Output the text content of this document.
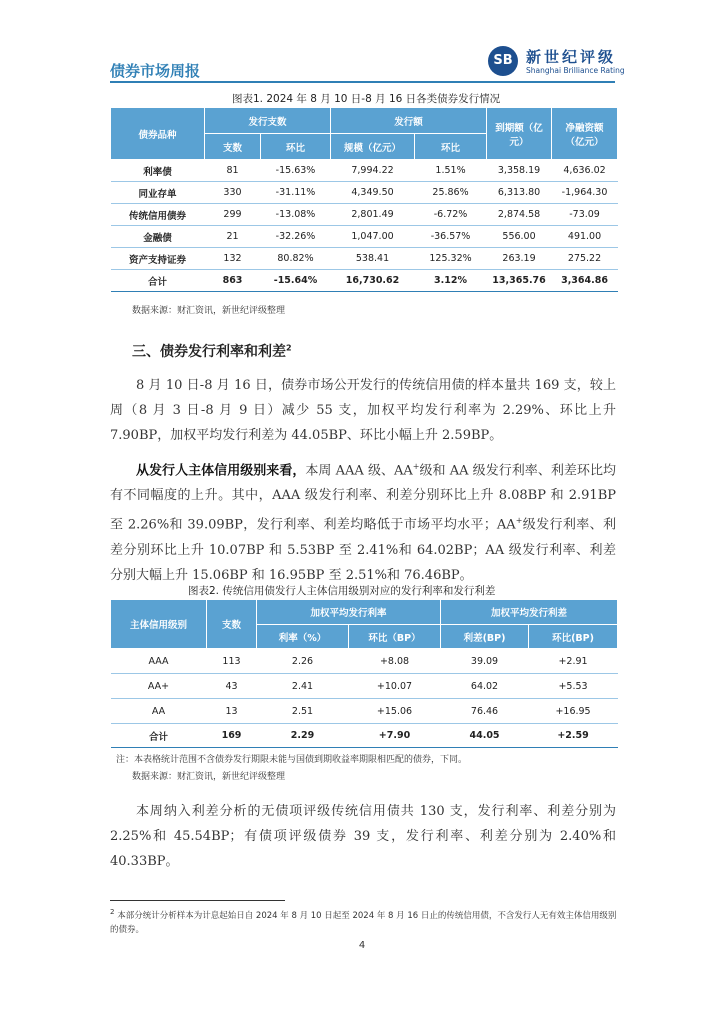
债券市场周报
SB 新世纪评级
Shanghai Brilliance Rating
图表1. 2024 年 8 月 10 日-8 月 16 日各类债券发行情况
债券品种	发行支数		发行额		到期额（亿元）	净融资额（亿元）
	支数	环比	规模（亿元）	环比		
利率债	81	-15.63%	7,994.22	1.51%	3,358.19	4,636.02
同业存单	330	-31.11%	4,349.50	25.86%	6,313.80	-1,964.30
传统信用债券	299	-13.08%	2,801.49	-6.72%	2,874.58	-73.09
金融债	21	-32.26%	1,047.00	-36.57%	556.00	491.00
资产支持证券	132	80.82%	538.41	125.32%	263.19	275.22
合计	863	-15.64%	16,730.62	3.12%	13,365.76	3,364.86
数据来源：财汇资讯，新世纪评级整理
三、债券发行利率和利差$^2$
8 月 10 日-8 月 16 日，债券市场公开发行的传统信用债的样本量共 169 支，较上周（8 月 3 日-8 月 9 日）减少 55 支，加权平均发行利率为 2.29%、环比上升 7.90BP，加权平均发行利差为 44.05BP、环比小幅上升 2.59BP。
从发行人主体信用级别来看，本周 AAA 级、AA+级和 AA 级发行利率、利差环比均有不同幅度的上升。其中，AAA 级发行利率、利差分别环比上升 8.08BP 和 2.91BP 至 2.26%和 39.09BP，发行利率、利差均略低于市场平均水平；AA+级发行利率、利差分别环比上升 10.07BP 和 5.53BP 至 2.41%和 64.02BP；AA 级发行利率、利差分别大幅上升 15.06BP 和 16.95BP 至 2.51%和 76.46BP。
图表2. 传统信用债发行人主体信用级别对应的发行利率和发行利差
主体信用级别	支数	加权平均发行利率		加权平均发行利差	
		利率（%）	环比（BP）	利差(BP)	环比(BP)
AAA	113	2.26	+8.08	39.09	+2.91
AA+	43	2.41	+10.07	64.02	+5.53
AA	13	2.51	+15.06	76.46	+16.95
合计	169	2.29	+7.90	44.05	+2.59
注：本表格统计范围不含债券发行期限未能与国债到期收益率期限相匹配的债券，下同。
数据来源：财汇资讯，新世纪评级整理
本周纳入利差分析的无债项评级传统信用债共 130 支，发行利率、利差分别为 2.25%和 45.54BP；有债项评级债券 39 支，发行利率、利差分别为 2.40%和 40.33BP。
$^2$ 本部分统计分析样本为计息起始日自 2024 年 8 月 10 日起至 2024 年 8 月 16 日止的传统信用债，不含发行人无有效主体信用级别的债券。
4
